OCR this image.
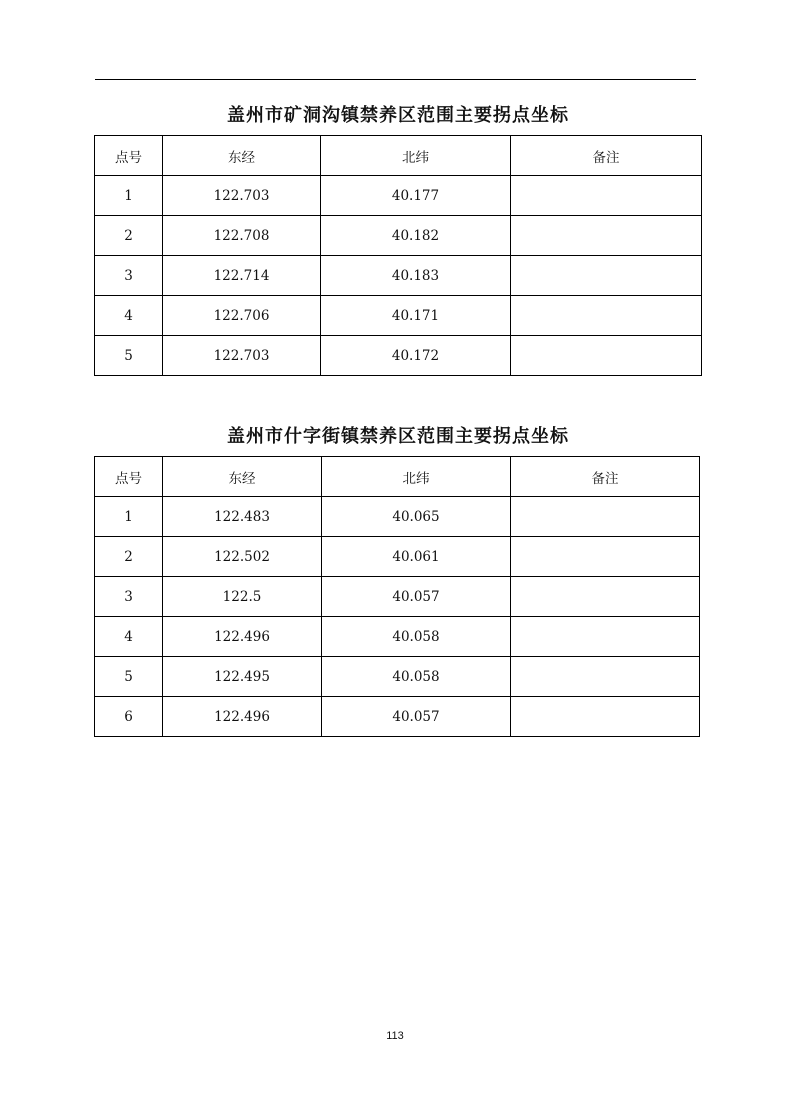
盖州市矿洞沟镇禁养区范围主要拐点坐标
点号	东经	北纬	备注
1	122.703	40.177	
2	122.708	40.182	
3	122.714	40.183	
4	122.706	40.171	
5	122.703	40.172	
盖州市什字街镇禁养区范围主要拐点坐标
点号	东经	北纬	备注
1	122.483	40.065	
2	122.502	40.061	
3	122.5	40.057	
4	122.496	40.058	
5	122.495	40.058	
6	122.496	40.057	
113
